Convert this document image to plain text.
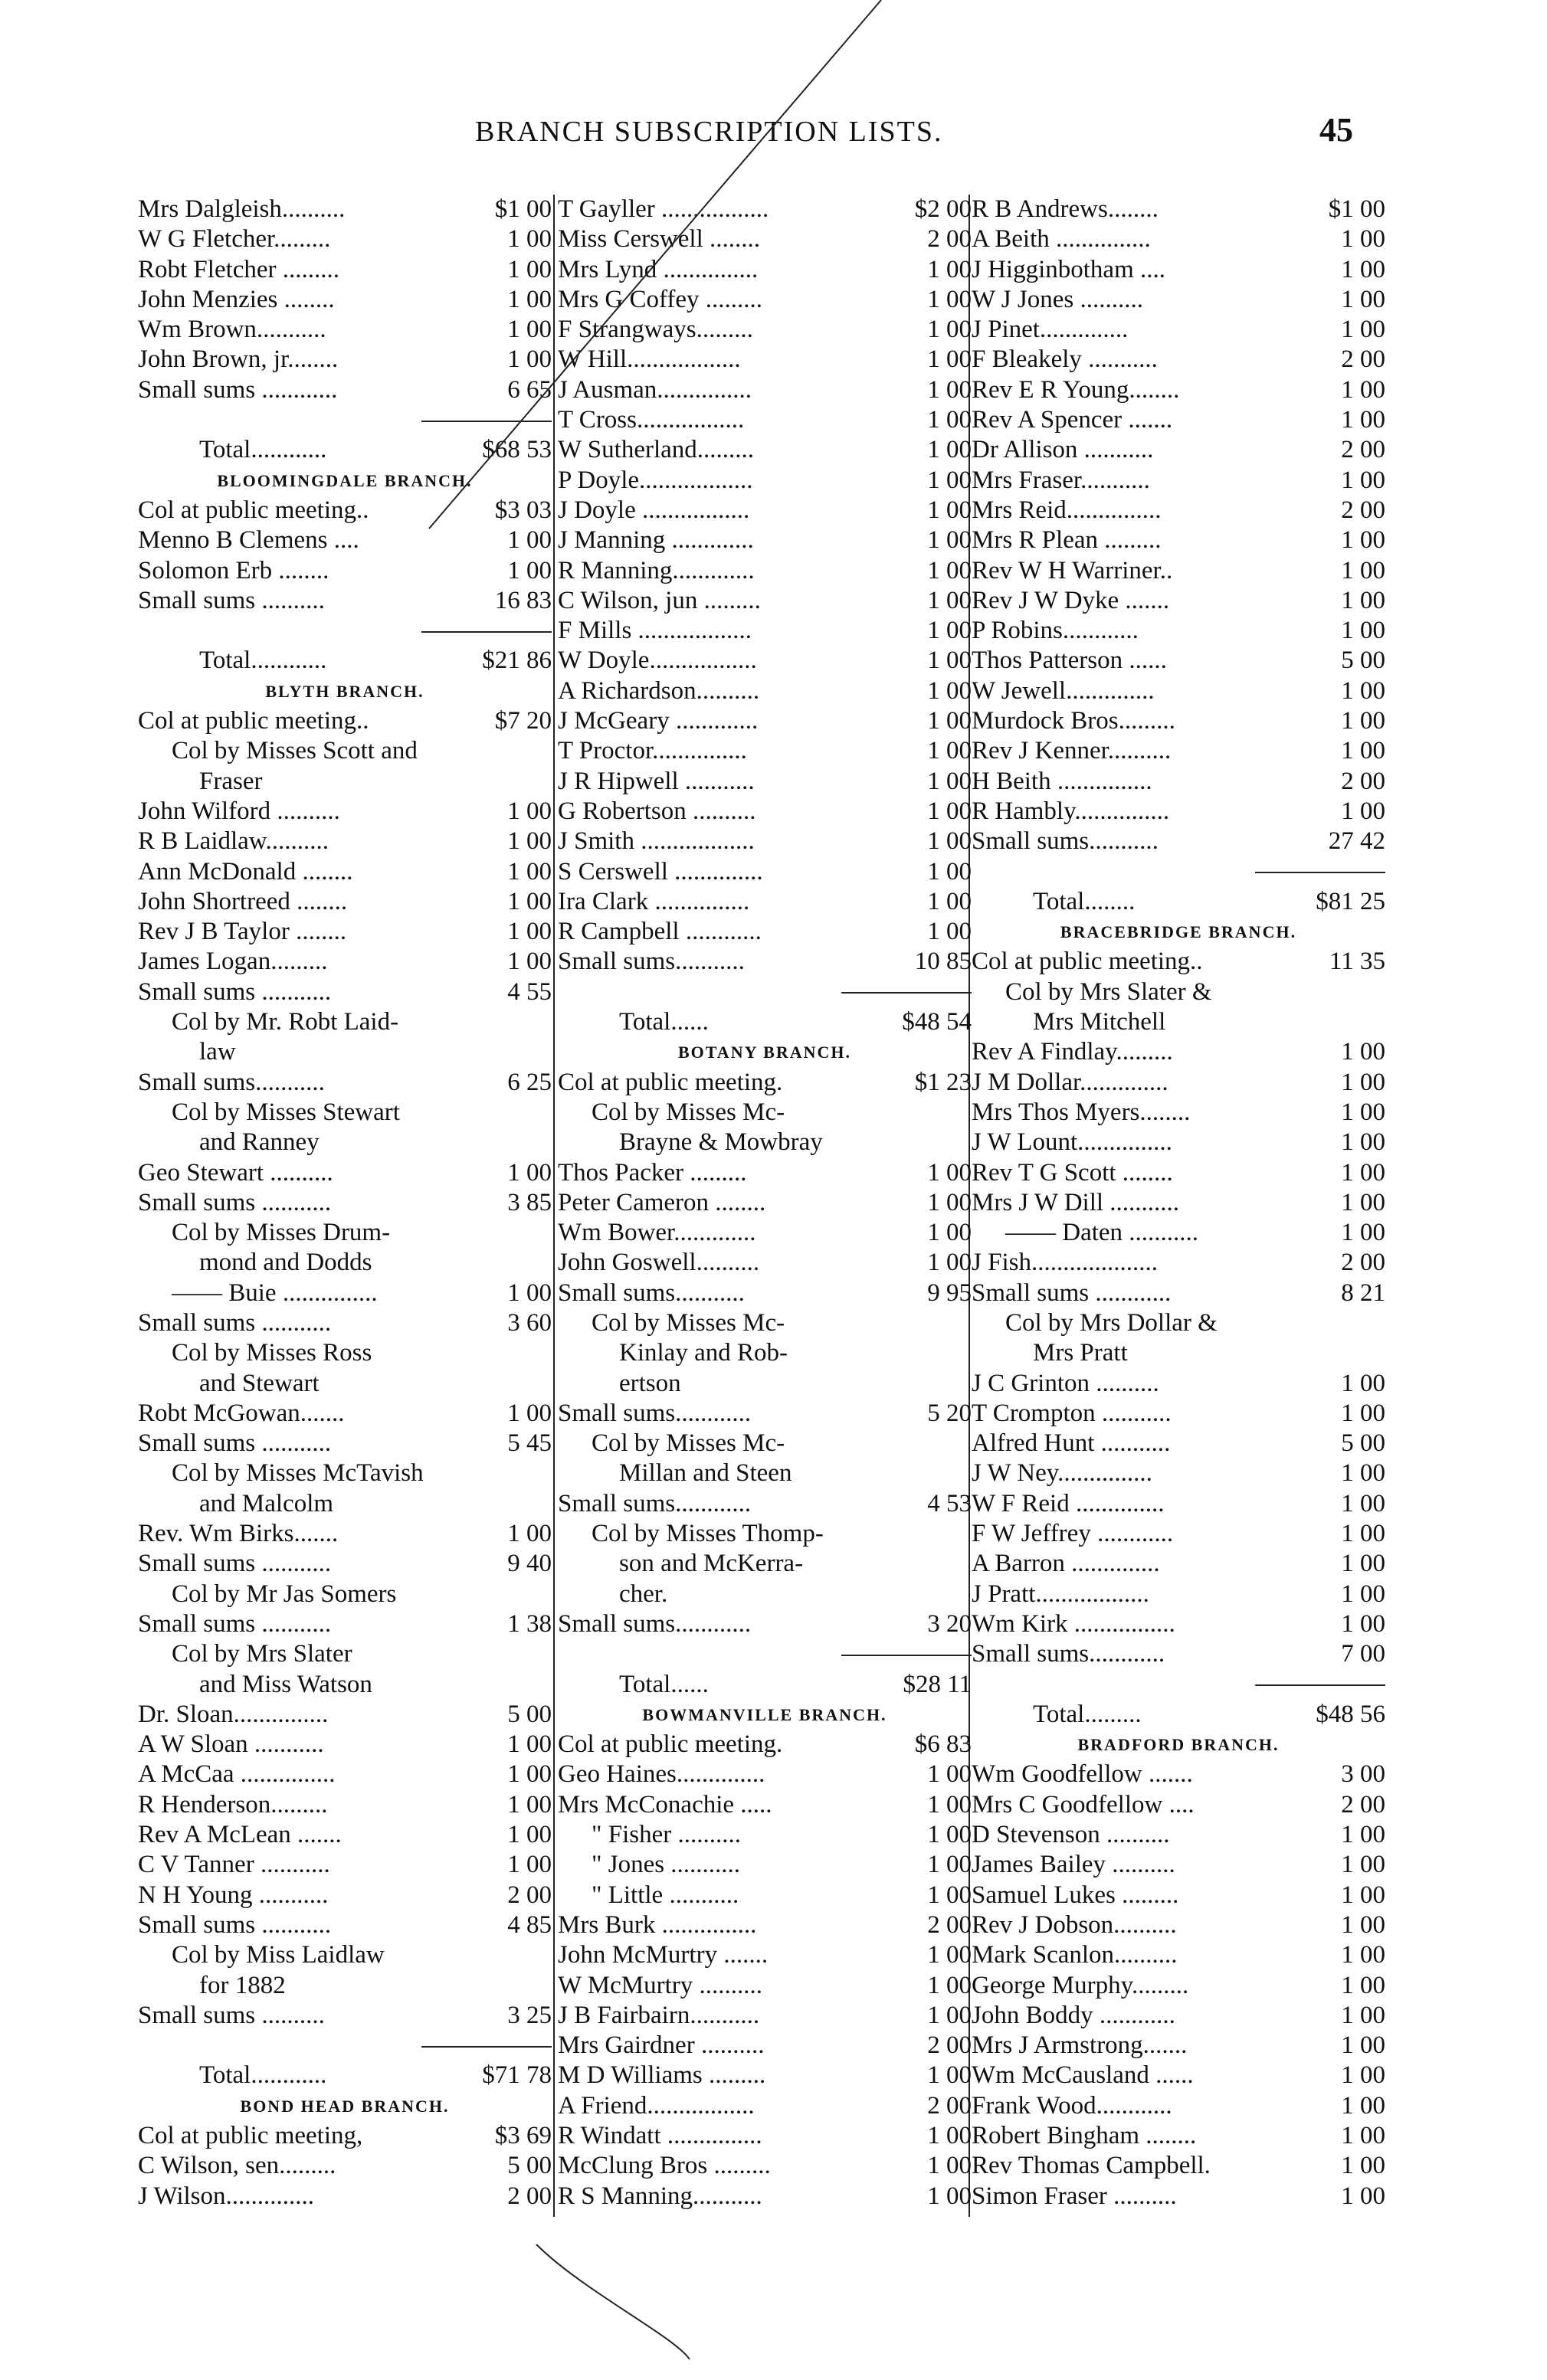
BRANCH SUBSCRIPTION LISTS.	45
Mrs Dalgleish..........	$1 00
W G Fletcher.........	1 00
Robt Fletcher .........	1 00
John Menzies ........	1 00
Wm Brown...........	1 00
John Brown, jr........	1 00
Small sums ............	6 65
Total............	$68 53
BLOOMINGDALE BRANCH.
Col at public meeting..	$3 03
Menno B Clemens ....	1 00
Solomon Erb ........	1 00
Small sums ..........	16 83
Total............	$21 86
BLYTH BRANCH.
Col at public meeting..	$7 20
Col by Misses Scott and
Fraser
John Wilford ..........	1 00
R B Laidlaw..........	1 00
Ann McDonald ........	1 00
John Shortreed ........	1 00
Rev J B Taylor ........	1 00
James Logan.........	1 00
Small sums ...........	4 55
Col by Mr. Robt Laid-
law
Small sums...........	6 25
Col by Misses Stewart
and Ranney
Geo Stewart ..........	1 00
Small sums ...........	3 85
Col by Misses Drum-
mond and Dodds
—— Buie ...............	1 00
Small sums ...........	3 60
Col by Misses Ross
and Stewart
Robt McGowan.......	1 00
Small sums ...........	5 45
Col by Misses McTavish
and Malcolm
Rev. Wm Birks.......	1 00
Small sums ...........	9 40
Col by Mr Jas Somers
Small sums ...........	1 38
Col by Mrs Slater
and Miss Watson
Dr. Sloan...............	5 00
A W Sloan ...........	1 00
A McCaa ...............	1 00
R Henderson.........	1 00
Rev A McLean .......	1 00
C V Tanner ...........	1 00
N H Young ...........	2 00
Small sums ...........	4 85
Col by Miss Laidlaw
for 1882
Small sums ..........	3 25
Total............	$71 78
BOND HEAD BRANCH.
Col at public meeting,	$3 69
C Wilson, sen.........	5 00
J Wilson..............	2 00
T Gayller .................	$2 00
Miss Cerswell ........	2 00
Mrs Lynd ...............	1 00
Mrs G Coffey .........	1 00
F Strangways.........	1 00
W Hill..................	1 00
J Ausman...............	1 00
T Cross.................	1 00
W Sutherland.........	1 00
P Doyle..................	1 00
J Doyle .................	1 00
J Manning .............	1 00
R Manning.............	1 00
C Wilson, jun .........	1 00
F Mills ..................	1 00
W Doyle.................	1 00
A Richardson..........	1 00
J McGeary .............	1 00
T Proctor...............	1 00
J R Hipwell ...........	1 00
G Robertson ..........	1 00
J Smith ..................	1 00
S Cerswell ..............	1 00
Ira Clark ...............	1 00
R Campbell ............	1 00
Small sums...........	10 85
Total......	$48 54
BOTANY BRANCH.
Col at public meeting.	$1 23
Col by Misses Mc-
Brayne & Mowbray
Thos Packer .........	1 00
Peter Cameron ........	1 00
Wm Bower.............	1 00
John Goswell..........	1 00
Small sums...........	9 95
Col by Misses Mc-
Kinlay and Rob-
ertson
Small sums............	5 20
Col by Misses Mc-
Millan and Steen
Small sums............	4 53
Col by Misses Thomp-
son and McKerra-
cher.
Small sums............	3 20
Total......	$28 11
BOWMANVILLE BRANCH.
Col at public meeting.	$6 83
Geo Haines..............	1 00
Mrs McConachie .....	1 00
" Fisher ..........	1 00
" Jones ...........	1 00
" Little ...........	1 00
Mrs Burk ...............	2 00
John McMurtry .......	1 00
W McMurtry ..........	1 00
J B Fairbairn...........	1 00
Mrs Gairdner ..........	2 00
M D Williams .........	1 00
A Friend.................	2 00
R Windatt ...............	1 00
McClung Bros .........	1 00
R S Manning...........	1 00
R B Andrews........	$1 00
A Beith ...............	1 00
J Higginbotham ....	1 00
W J Jones ..........	1 00
J Pinet..............	1 00
F Bleakely ...........	2 00
Rev E R Young........	1 00
Rev A Spencer .......	1 00
Dr Allison ...........	2 00
Mrs Fraser...........	1 00
Mrs Reid...............	2 00
Mrs R Plean .........	1 00
Rev W H Warriner..	1 00
Rev J W Dyke .......	1 00
P Robins............	1 00
Thos Patterson ......	5 00
W Jewell..............	1 00
Murdock Bros.........	1 00
Rev J Kenner..........	1 00
H Beith ...............	2 00
R Hambly...............	1 00
Small sums...........	27 42
Total........	$81 25
BRACEBRIDGE BRANCH.
Col at public meeting..	11 35
Col by Mrs Slater &
Mrs Mitchell
Rev A Findlay.........	1 00
J M Dollar..............	1 00
Mrs Thos Myers........	1 00
J W Lount...............	1 00
Rev T G Scott ........	1 00
Mrs J W Dill ...........	1 00
—— Daten ...........	1 00
J Fish....................	2 00
Small sums ............	8 21
Col by Mrs Dollar &
Mrs Pratt
J C Grinton ..........	1 00
T Crompton ...........	1 00
Alfred Hunt ...........	5 00
J W Ney...............	1 00
W F Reid ..............	1 00
F W Jeffrey ............	1 00
A Barron ..............	1 00
J Pratt..................	1 00
Wm Kirk ................	1 00
Small sums............	7 00
Total.........	$48 56
BRADFORD BRANCH.
Wm Goodfellow .......	3 00
Mrs C Goodfellow ....	2 00
D Stevenson ..........	1 00
James Bailey ..........	1 00
Samuel Lukes .........	1 00
Rev J Dobson..........	1 00
Mark Scanlon..........	1 00
George Murphy.........	1 00
John Boddy ............	1 00
Mrs J Armstrong.......	1 00
Wm McCausland ......	1 00
Frank Wood............	1 00
Robert Bingham ........	1 00
Rev Thomas Campbell.	1 00
Simon Fraser ..........	1 00
